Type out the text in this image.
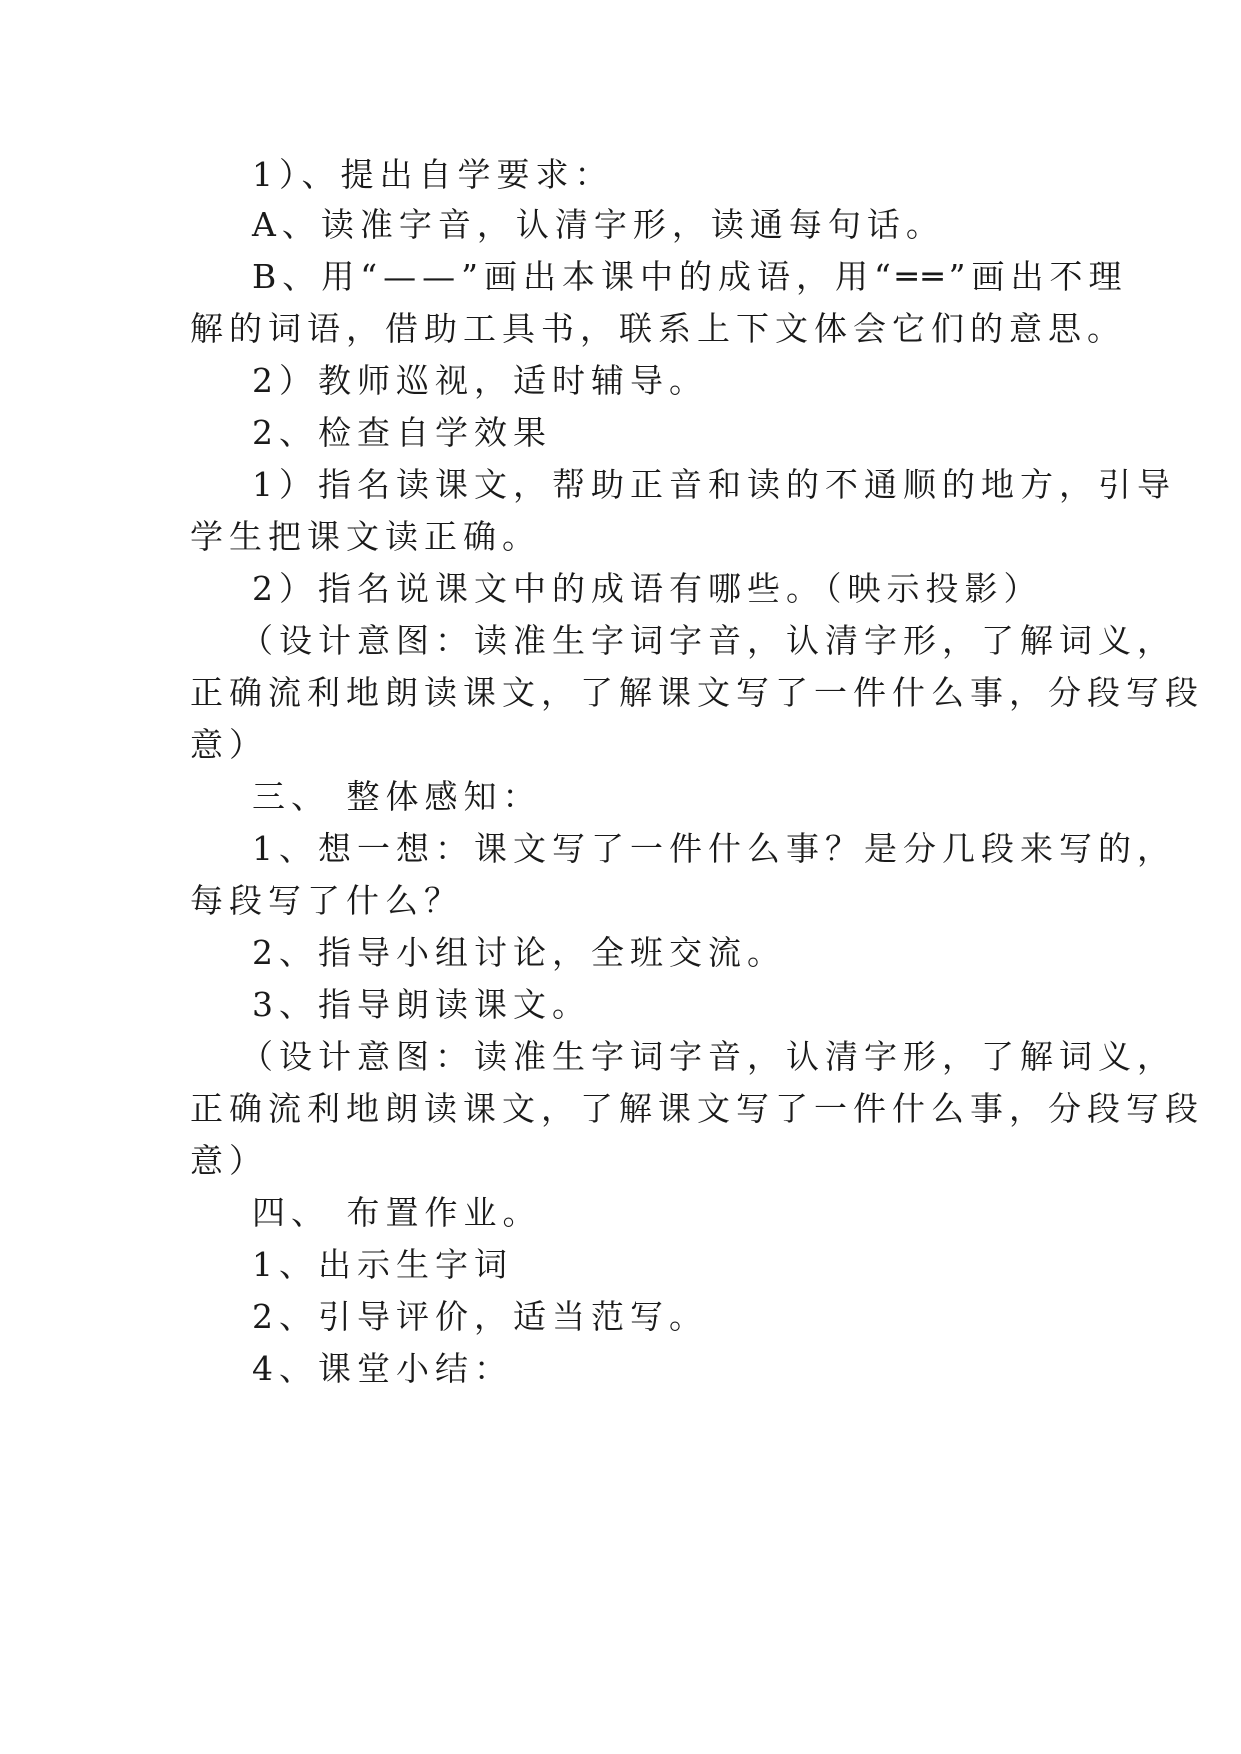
1）、提出自学要求：
A、读准字音，认清字形，读通每句话。
B、用“——”画出本课中的成语，用“══”画出不理
解的词语，借助工具书，联系上下文体会它们的意思。
2）教师巡视，适时辅导。
2、检查自学效果
1）指名读课文，帮助正音和读的不通顺的地方，引导
学生把课文读正确。
2）指名说课文中的成语有哪些。（映示投影）
（设计意图：读准生字词字音，认清字形，了解词义，
正确流利地朗读课文，了解课文写了一件什么事，分段写段
意）
三、 整体感知：
1、想一想：课文写了一件什么事？是分几段来写的，
每段写了什么？
2、指导小组讨论，全班交流。
3、指导朗读课文。
（设计意图：读准生字词字音，认清字形，了解词义，
正确流利地朗读课文，了解课文写了一件什么事，分段写段
意）
四、 布置作业。
1、出示生字词
2、引导评价，适当范写。
4、课堂小结：
